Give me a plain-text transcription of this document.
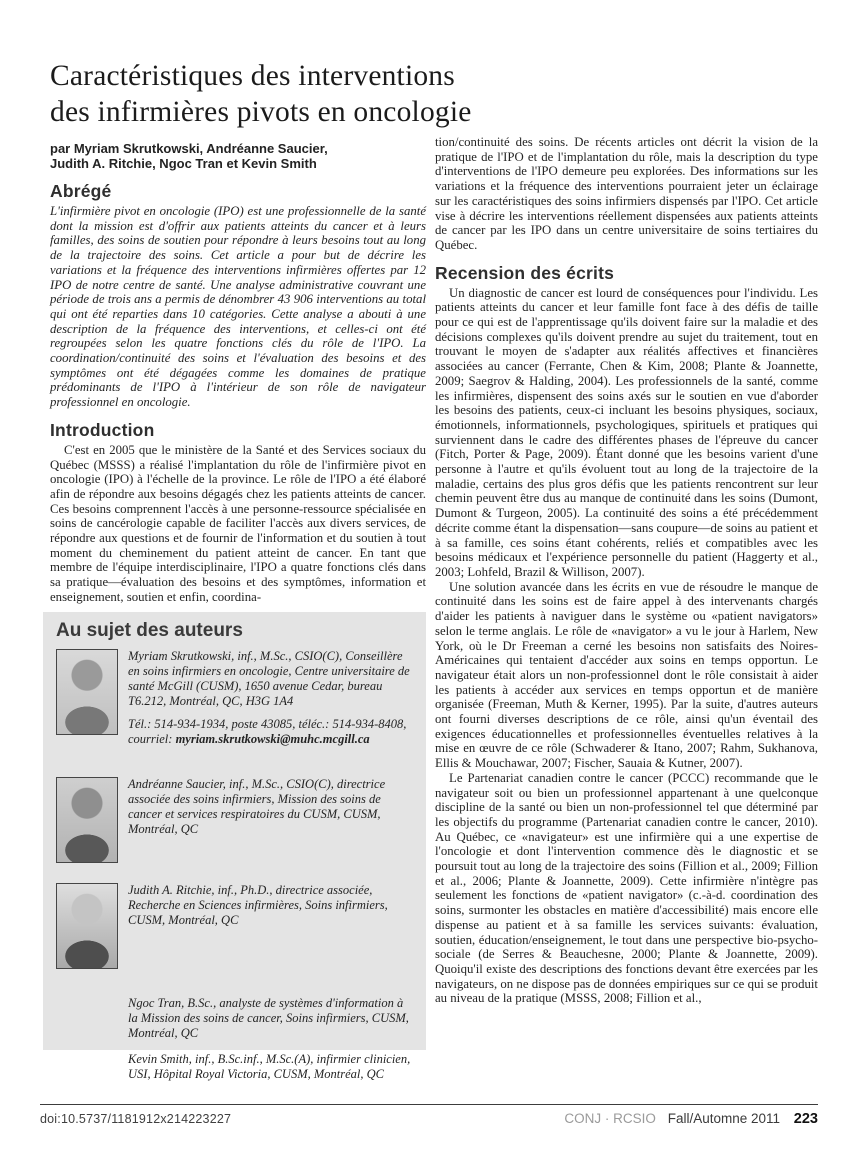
Caractéristiques des interventions
des infirmières pivots en oncologie
par Myriam Skrutkowski, Andréanne Saucier,
Judith A. Ritchie, Ngoc Tran et Kevin Smith
Abrégé

L'infirmière pivot en oncologie (IPO) est une professionnelle de la santé dont la mission est d'offrir aux patients atteints du cancer et à leurs familles, des soins de soutien pour répondre à leurs besoins tout au long de la trajectoire des soins. Cet article a pour but de décrire les variations et la fréquence des interventions infirmières offertes par 12 IPO de notre centre de santé. Une analyse administrative couvrant une période de trois ans a permis de dénombrer 43 906 interventions au total qui ont été reparties dans 10 catégories. Cette analyse a abouti à une description de la fréquence des interventions, et celles-ci ont été regroupées selon les quatre fonctions clés du rôle de l'IPO. La coordination/continuité des soins et l'évaluation des besoins et des symptômes ont été dégagées comme les domaines de pratique prédominants de l'IPO à l'intérieur de son rôle de navigateur professionnel en oncologie.

Introduction

C'est en 2005 que le ministère de la Santé et des Services sociaux du Québec (MSSS) a réalisé l'implantation du rôle de l'infirmière pivot en oncologie (IPO) à l'échelle de la province. Le rôle de l'IPO a été élaboré afin de répondre aux besoins dégagés chez les patients atteints de cancer. Ces besoins comprennent l'accès à une personne-ressource spécialisée en soins de cancérologie capable de faciliter l'accès aux divers services, de répondre aux questions et de fournir de l'information et du soutien à tout moment du cheminement du patient atteint de cancer. En tant que membre de l'équipe interdisciplinaire, l'IPO a quatre fonctions clés dans sa pratique—évaluation des besoins et des symptômes, information et enseignement, soutien et enfin, coordina-

Au sujet des auteurs

Myriam Skrutkowski, inf., M.Sc., CSIO(C), Conseillère en soins infirmiers en oncologie, Centre universitaire de santé McGill (CUSM), 1650 avenue Cedar, bureau T6.212, Montréal, QC, H3G 1A4

Tél.: 514-934-1934, poste 43085, téléc.: 514-934-8408, courriel: myriam.skrutkowski@muhc.mcgill.ca

Andréanne Saucier, inf., M.Sc., CSIO(C), directrice associée des soins infirmiers, Mission des soins de cancer et services respiratoires du CUSM, CUSM, Montréal, QC

Judith A. Ritchie, inf., Ph.D., directrice associée, Recherche en Sciences infirmières, Soins infirmiers, CUSM, Montréal, QC

Ngoc Tran, B.Sc., analyste de systèmes d'information à la Mission des soins de cancer, Soins infirmiers, CUSM, Montréal, QC

Kevin Smith, inf., B.Sc.inf., M.Sc.(A), infirmier clinicien, USI, Hôpital Royal Victoria, CUSM, Montréal, QC

tion/continuité des soins. De récents articles ont décrit la vision de la pratique de l'IPO et de l'implantation du rôle, mais la description du type d'interventions de l'IPO demeure peu explorées. Des informations sur les variations et la fréquence des interventions pourraient jeter un éclairage sur les caractéristiques des soins infirmiers dispensés par l'IPO. Cet article vise à décrire les interventions réellement dispensées aux patients atteints de cancer par les IPO dans un centre universitaire de soins tertiaires du Québec.

Recension des écrits

Un diagnostic de cancer est lourd de conséquences pour l'individu. Les patients atteints du cancer et leur famille font face à des défis de taille pour ce qui est de l'apprentissage qu'ils doivent faire sur la maladie et des décisions complexes qu'ils doivent prendre au sujet du traitement, tout en trouvant le moyen de s'adapter aux réalités affectives et financières associées au cancer (Ferrante, Chen & Kim, 2008; Plante & Joannette, 2009; Saegrov & Halding, 2004). Les professionnels de la santé, comme les infirmières, dispensent des soins axés sur le soutien en vue d'aborder les besoins des patients, ceux-ci incluant les besoins physiques, sociaux, émotionnels, informationnels, psychologiques, spirituels et pratiques qui surviennent dans le cadre des différentes phases de l'épreuve du cancer (Fitch, Porter & Page, 2009). Étant donné que les besoins varient d'une personne à l'autre et qu'ils évoluent tout au long de la trajectoire de la maladie, certains des plus gros défis que les patients rencontrent sur leur chemin peuvent être dus au manque de continuité dans les soins (Dumont, Dumont & Turgeon, 2005). La continuité des soins a été précédemment décrite comme étant la dispensation—sans coupure—de soins au patient et à sa famille, ces soins étant cohérents, reliés et compatibles avec les besoins médicaux et l'expérience personnelle du patient (Haggerty et al., 2003; Lohfeld, Brazil & Willison, 2007).

Une solution avancée dans les écrits en vue de résoudre le manque de continuité dans les soins est de faire appel à des intervenants chargés d'aider les patients à naviguer dans le système ou «patient navigators» selon le terme anglais. Le rôle de «navigator» a vu le jour à Harlem, New York, où le Dr Freeman a cerné les besoins non satisfaits des Noires-Américaines qui tentaient d'accéder aux soins en temps opportun. Le navigateur était alors un non-professionnel dont le rôle consistait à aider les patients à accéder aux services en temps opportun et de manière organisée (Freeman, Muth & Kerner, 1995). Par la suite, d'autres auteurs ont fourni diverses descriptions de ce rôle, ainsi qu'un éventail des exigences éducationnelles et professionnelles éventuelles relatives à la mise en œuvre de ce rôle (Schwaderer & Itano, 2007; Rahm, Sukhanova, Ellis & Mouchawar, 2007; Fischer, Sauaia & Kutner, 2007).

Le Partenariat canadien contre le cancer (PCCC) recommande que le navigateur soit ou bien un professionnel appartenant à une quelconque discipline de la santé ou bien un non-professionnel tel que déterminé par les objectifs du programme (Partenariat canadien contre le cancer, 2010). Au Québec, ce «navigateur» est une infirmière qui a une expertise de l'oncologie et dont l'intervention commence dès le diagnostic et se poursuit tout au long de la trajectoire des soins (Fillion et al., 2009; Fillion et al., 2006; Plante & Joannette, 2009). Cette infirmière n'intègre pas seulement les fonctions de «patient navigator» (c.-à-d. coordination des soins, surmonter les obstacles en matière d'accessibilité) mais encore elle dispense au patient et à sa famille les services suivants: évaluation, soutien, éducation/enseignement, le tout dans une perspective bio-psycho-sociale (de Serres & Beauchesne, 2000; Plante & Joannette, 2009). Quoiqu'il existe des descriptions des fonctions devant être exercées par les navigateurs, on ne dispose pas de données empiriques sur ce qui se produit au niveau de la pratique (MSSS, 2008; Fillion et al.,

doi:10.5737/1181912x214223227	CONJ · RCSIO Fall/Automne 2011 223
